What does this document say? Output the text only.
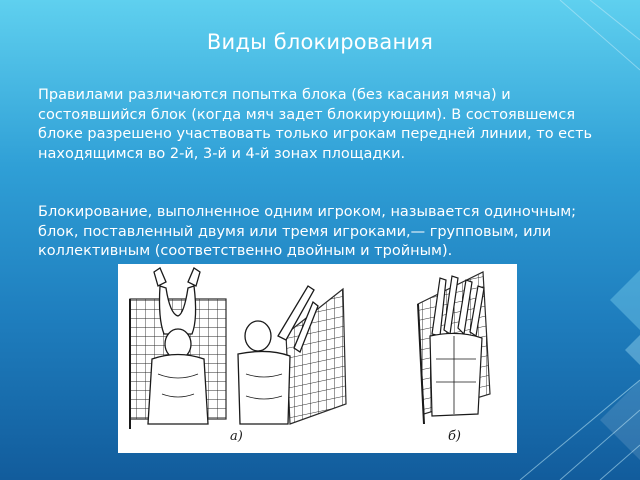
Виды блокирования
Правилами различаются попытка блока (без касания мяча) и состоявшийся блок (когда мяч задет блокирующим). В состоявшемся блоке разрешено участвовать только игрокам передней линии, то есть находящимся во 2-й, 3-й и 4-й зонах площадки.
Блокирование, выполненное одним игроком, называется одиночным; блок, поставленный двумя или тремя игроками,— групповым, или коллективным (соответственно двойным и тройным).
а)	б)
